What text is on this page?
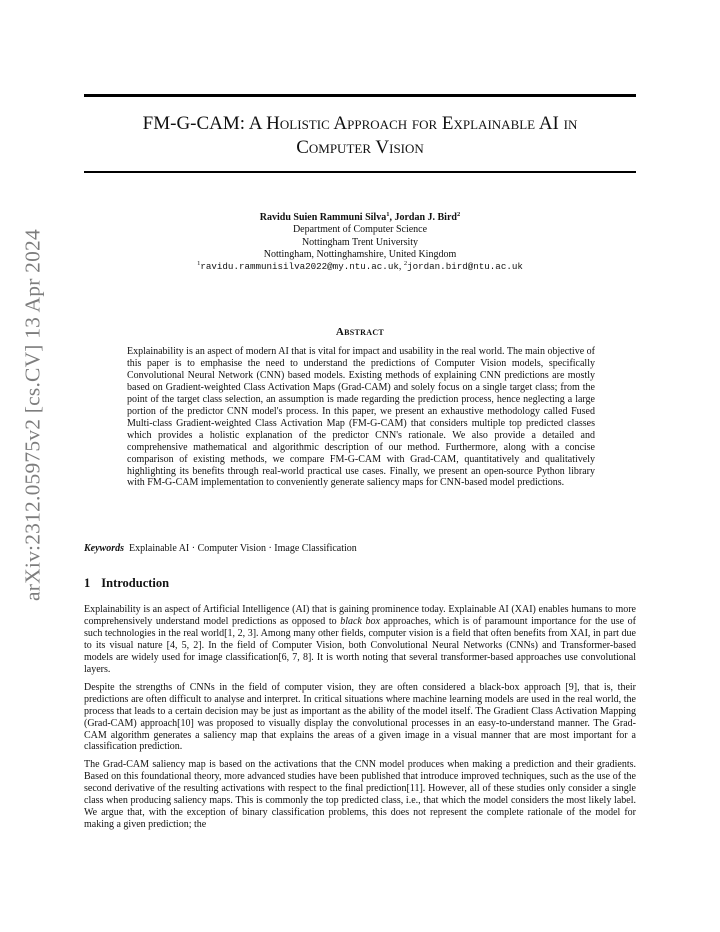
arXiv:2312.05975v2 [cs.CV] 13 Apr 2024
FM-G-CAM: A Holistic Approach for Explainable AI in
Computer Vision
Ravidu Suien Rammuni Silva$^1$, Jordan J. Bird$^2$
Department of Computer Science
Nottingham Trent University
Nottingham, Nottinghamshire, United Kingdom
$^1$ravidu.rammunisilva2022@my.ntu.ac.uk, $^2$jordan.bird@ntu.ac.uk
Abstract

Explainability is an aspect of modern AI that is vital for impact and usability in the real world. The main objective of this paper is to emphasise the need to understand the predictions of Computer Vision models, specifically Convolutional Neural Network (CNN) based models. Existing methods of explaining CNN predictions are mostly based on Gradient-weighted Class Activation Maps (Grad-CAM) and solely focus on a single target class; from the point of the target class selection, an assumption is made regarding the prediction process, hence neglecting a large portion of the predictor CNN model's process. In this paper, we present an exhaustive methodology called Fused Multi-class Gradient-weighted Class Activation Map (FM-G-CAM) that considers multiple top predicted classes which provides a holistic explanation of the predictor CNN's rationale. We also provide a detailed and comprehensive mathematical and algorithmic description of our method. Furthermore, along with a concise comparison of existing methods, we compare FM-G-CAM with Grad-CAM, quantitatively and qualitatively highlighting its benefits through real-world practical use cases. Finally, we present an open-source Python library with FM-G-CAM implementation to conveniently generate saliency maps for CNN-based model predictions.

Keywords Explainable AI · Computer Vision · Image Classification

1 Introduction

Explainability is an aspect of Artificial Intelligence (AI) that is gaining prominence today. Explainable AI (XAI) enables humans to more comprehensively understand model predictions as opposed to black box approaches, which is of paramount importance for the use of such technologies in the real world[1, 2, 3]. Among many other fields, computer vision is a field that often benefits from XAI, in part due to its visual nature [4, 5, 2]. In the field of Computer Vision, both Convolutional Neural Networks (CNNs) and Transformer-based models are widely used for image classification[6, 7, 8]. It is worth noting that several transformer-based approaches use convolutional layers.

Despite the strengths of CNNs in the field of computer vision, they are often considered a black-box approach [9], that is, their predictions are often difficult to analyse and interpret. In critical situations where machine learning models are used in the real world, the process that leads to a certain decision may be just as important as the ability of the model itself. The Gradient Class Activation Mapping (Grad-CAM) approach[10] was proposed to visually display the convolutional processes in an easy-to-understand manner. The Grad-CAM algorithm generates a saliency map that explains the areas of a given image in a visual manner that are most important for a classification prediction.

The Grad-CAM saliency map is based on the activations that the CNN model produces when making a prediction and their gradients. Based on this foundational theory, more advanced studies have been published that introduce improved techniques, such as the use of the second derivative of the resulting activations with respect to the final prediction[11]. However, all of these studies only consider a single class when producing saliency maps. This is commonly the top predicted class, i.e., that which the model considers the most likely label. We argue that, with the exception of binary classification problems, this does not represent the complete rationale of the model for making a given prediction; the
